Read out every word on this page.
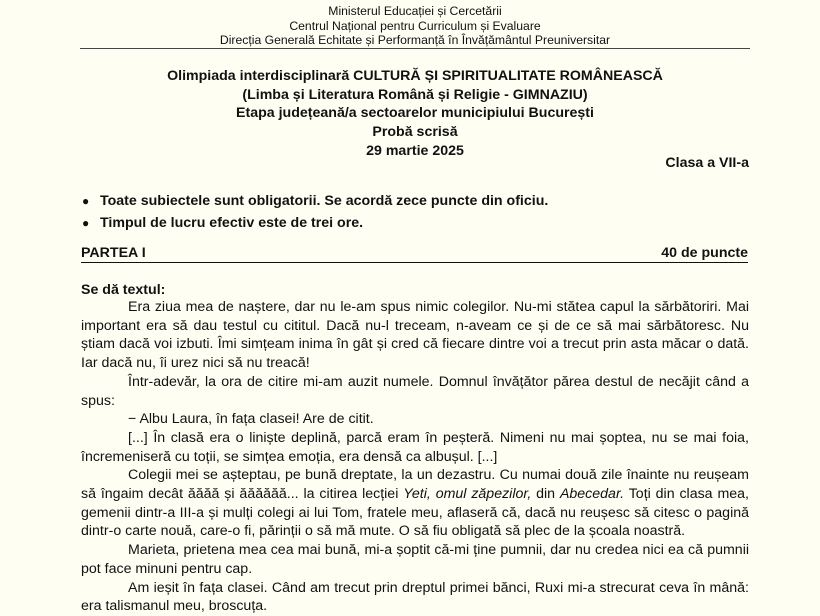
Ministerul Educației și Cercetării
Centrul Național pentru Curriculum și Evaluare
Direcția Generală Echitate și Performanță în Învățământul Preuniversitar
Olimpiada interdisciplinară CULTURĂ ȘI SPIRITUALITATE ROMÂNEASCĂ
(Limba și Literatura Română și Religie - GIMNAZIU)
Etapa județeană/a sectoarelor municipiului București
Probă scrisă
29 martie 2025
Clasa a VII-a
● Toate subiectele sunt obligatorii. Se acordă zece puncte din oficiu.
● Timpul de lucru efectiv este de trei ore.
PARTEA I	40 de puncte
Se dă textul:

Era ziua mea de naștere, dar nu le-am spus nimic colegilor. Nu-mi stătea capul la sărbătoriri. Mai important era să dau testul cu cititul. Dacă nu-l treceam, n-aveam ce și de ce să mai sărbătoresc. Nu știam dacă voi izbuti. Îmi simțeam inima în gât și cred că fiecare dintre voi a trecut prin asta măcar o dată. Iar dacă nu, îi urez nici să nu treacă!

Într-adevăr, la ora de citire mi-am auzit numele. Domnul învățător părea destul de necăjit când a spus:

− Albu Laura, în fața clasei! Are de citit.

[...] În clasă era o liniște deplină, parcă eram în peșteră. Nimeni nu mai șoptea, nu se mai foia, încremeniseră cu toții, se simțea emoția, era densă ca albușul. [...]

Colegii mei se așteptau, pe bună dreptate, la un dezastru. Cu numai două zile înainte nu reușeam să îngaim decât ăăăă și ăăăăăă... la citirea lecției Yeti, omul zăpezilor, din Abecedar. Toți din clasa mea, gemenii dintr-a III-a și mulți colegi ai lui Tom, fratele meu, aflaseră că, dacă nu reușesc să citesc o pagină dintr-o carte nouă, care-o fi, părinții o să mă mute. O să fiu obligată să plec de la școala noastră.

Marieta, prietena mea cea mai bună, mi-a șoptit că-mi ține pumnii, dar nu credea nici ea că pumnii pot face minuni pentru cap.

Am ieșit în fața clasei. Când am trecut prin dreptul primei bănci, Ruxi mi-a strecurat ceva în mână: era talismanul meu, broscuța.
